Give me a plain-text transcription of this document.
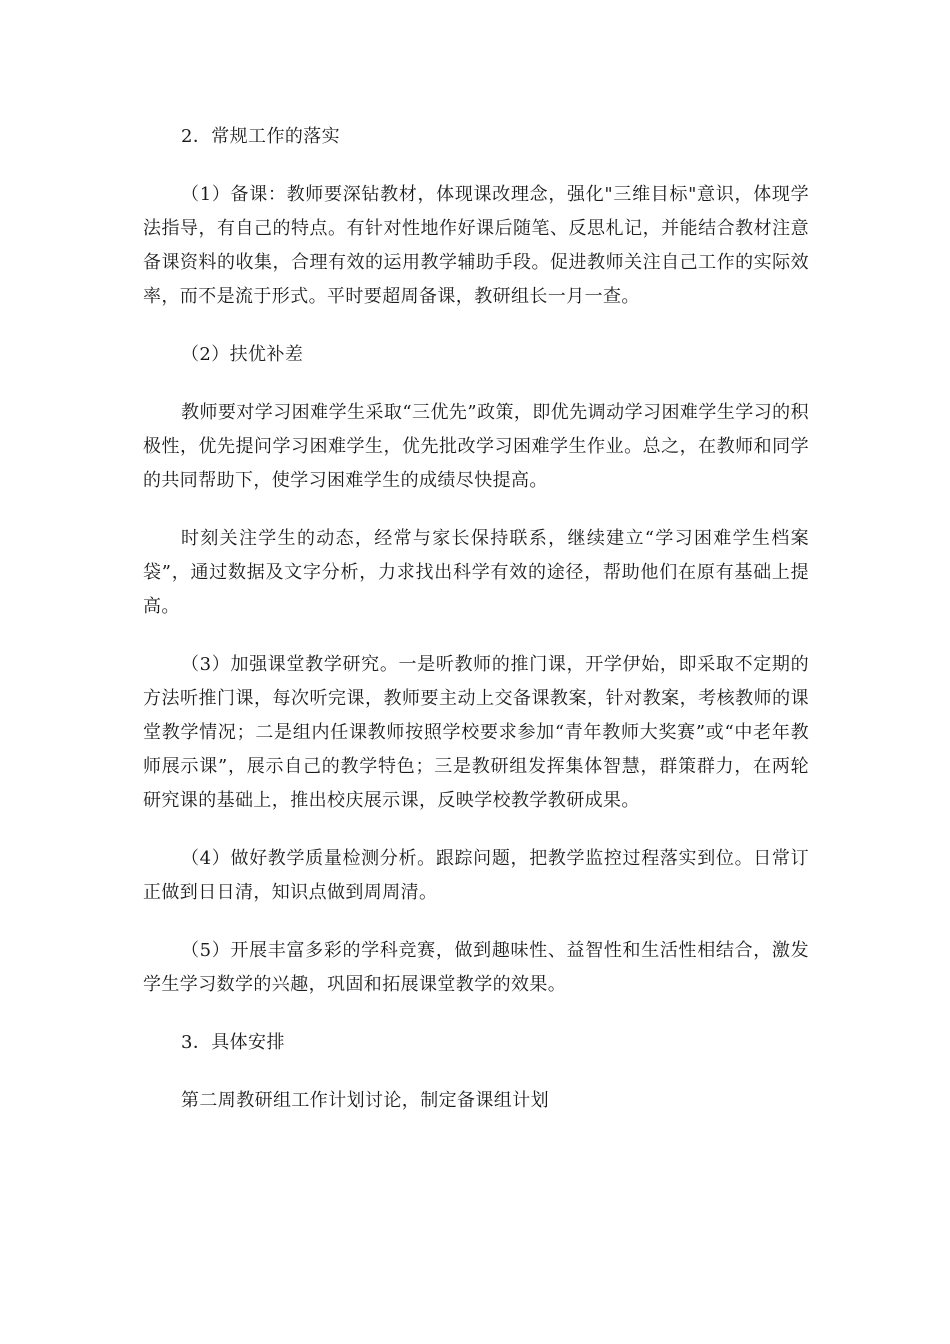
2．常规工作的落实

（1）备课：教师要深钻教材，体现课改理念，强化"三维目标"意识，体现学法指导，有自己的特点。有针对性地作好课后随笔、反思札记，并能结合教材注意备课资料的收集，合理有效的运用教学辅助手段。促进教师关注自己工作的实际效率，而不是流于形式。平时要超周备课，教研组长一月一查。

（2）扶优补差

教师要对学习困难学生采取“三优先”政策，即优先调动学习困难学生学习的积极性，优先提问学习困难学生，优先批改学习困难学生作业。总之，在教师和同学的共同帮助下，使学习困难学生的成绩尽快提高。

时刻关注学生的动态，经常与家长保持联系，继续建立“学习困难学生档案袋”，通过数据及文字分析，力求找出科学有效的途径，帮助他们在原有基础上提高。

（3）加强课堂教学研究。一是听教师的推门课，开学伊始，即采取不定期的方法听推门课，每次听完课，教师要主动上交备课教案，针对教案，考核教师的课堂教学情况；二是组内任课教师按照学校要求参加“青年教师大奖赛”或“中老年教师展示课”，展示自己的教学特色；三是教研组发挥集体智慧，群策群力，在两轮研究课的基础上，推出校庆展示课，反映学校教学教研成果。

（4）做好教学质量检测分析。跟踪问题，把教学监控过程落实到位。日常订正做到日日清，知识点做到周周清。

（5）开展丰富多彩的学科竞赛，做到趣味性、益智性和生活性相结合，激发学生学习数学的兴趣，巩固和拓展课堂教学的效果。

3．具体安排

第二周教研组工作计划讨论，制定备课组计划
